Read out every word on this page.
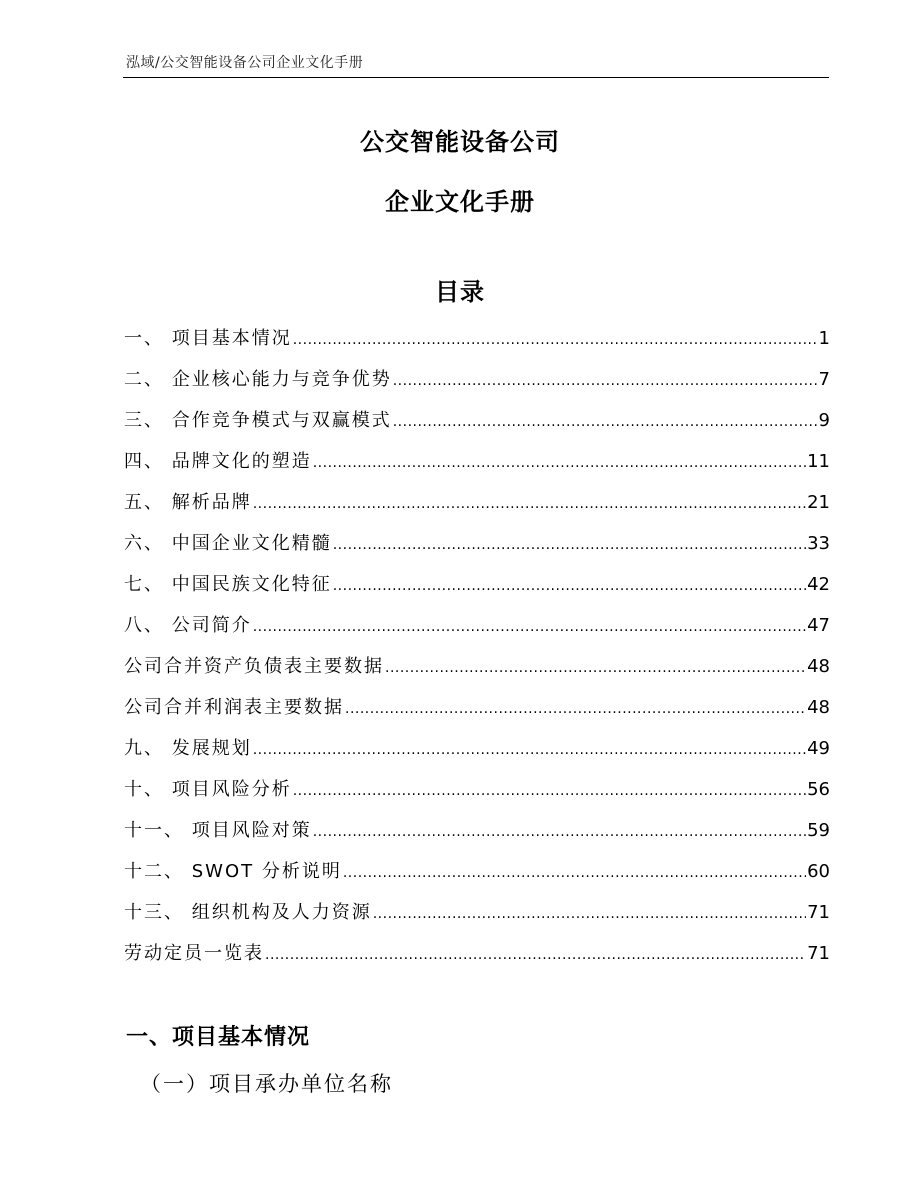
泓域/公交智能设备公司企业文化手册
公交智能设备公司
企业文化手册
目录
一、 项目基本情况 .....	1
二、 企业核心能力与竞争优势 .....	7
三、 合作竞争模式与双赢模式 .....	9
四、 品牌文化的塑造 .....	11
五、 解析品牌 .....	21
六、 中国企业文化精髓 .....	33
七、 中国民族文化特征 .....	42
八、 公司简介 .....	47
公司合并资产负债表主要数据 .....	48
公司合并利润表主要数据 .....	48
九、 发展规划 .....	49
十、 项目风险分析 .....	56
十一、 项目风险对策 .....	59
十二、 SWOT 分析说明 .....	60
十三、 组织机构及人力资源 .....	71
劳动定员一览表 .....	71
一、项目基本情况
（一）项目承办单位名称
